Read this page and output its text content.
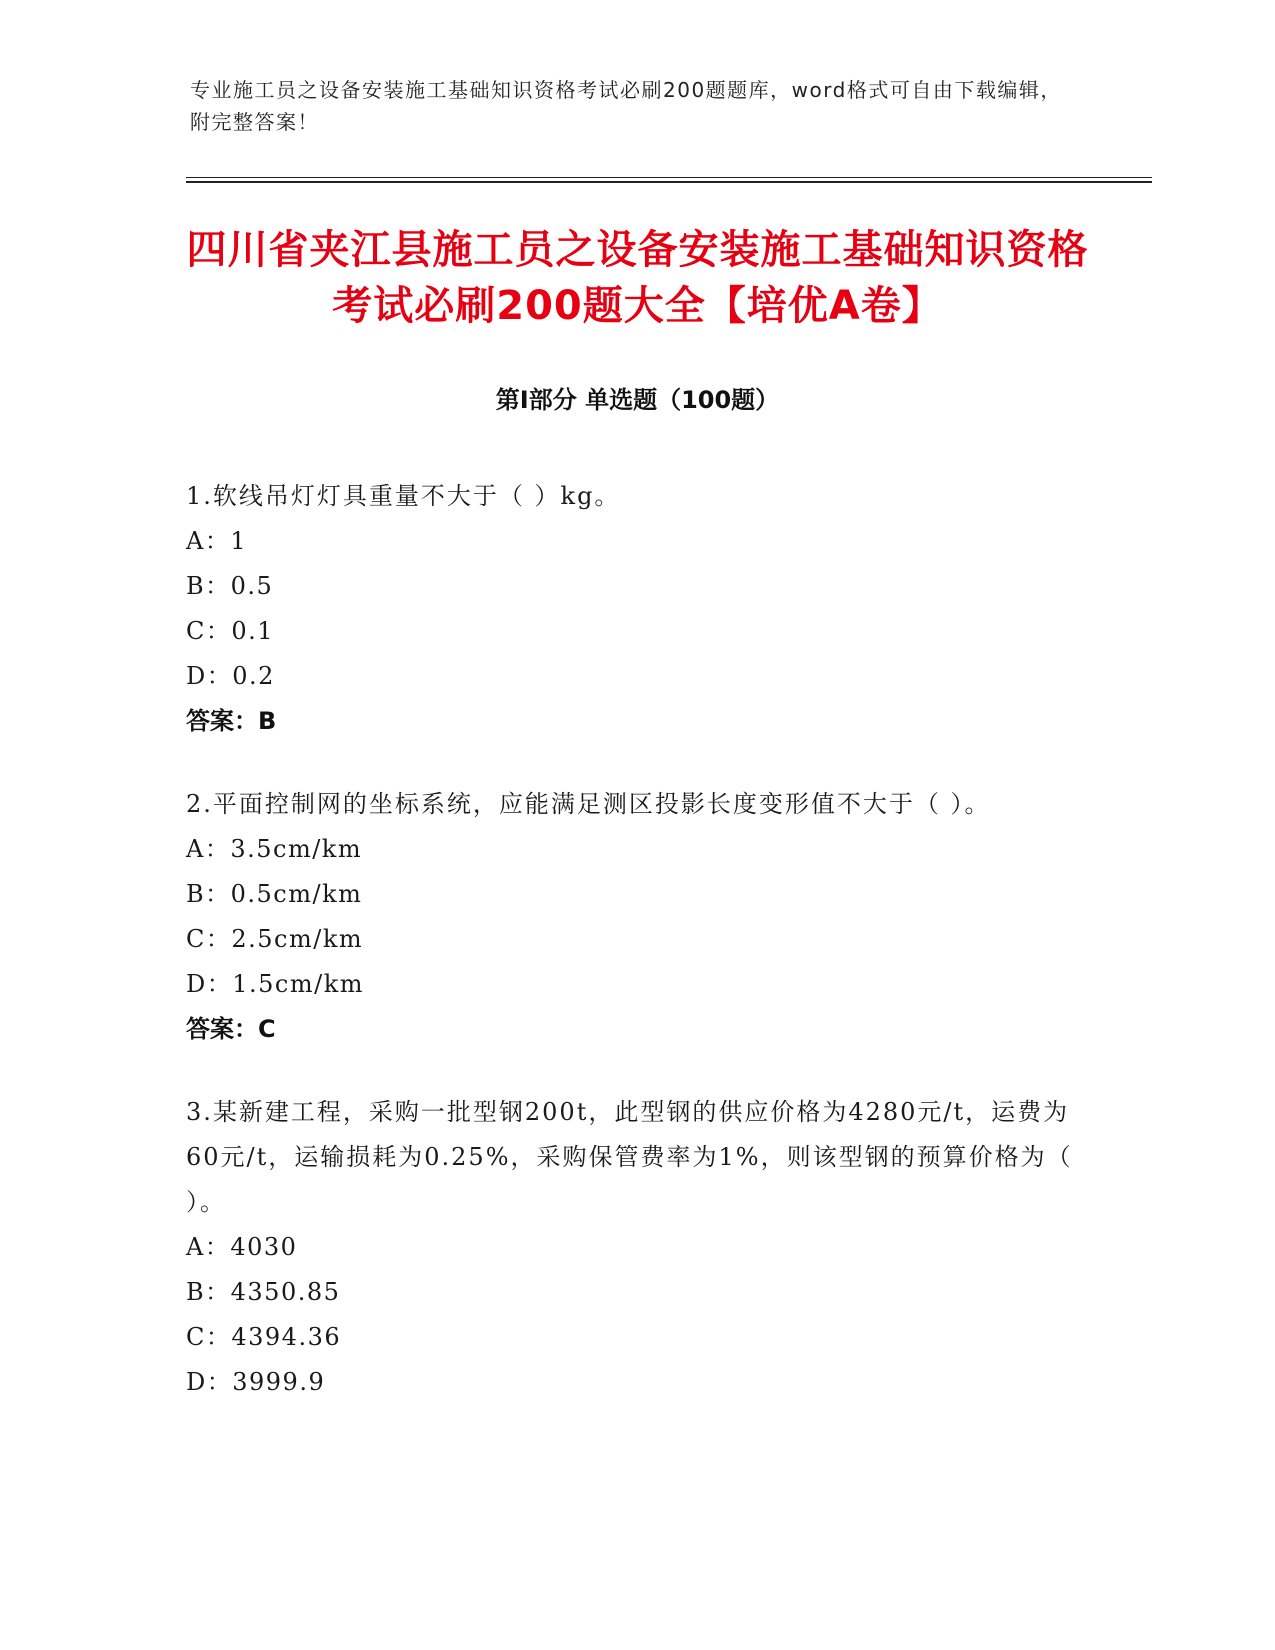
专业施工员之设备安装施工基础知识资格考试必刷200题题库，word格式可自由下载编辑，附完整答案！
四川省夹江县施工员之设备安装施工基础知识资格考试必刷200题大全【培优A卷】
第Ⅰ部分 单选题（100题）

1.软线吊灯灯具重量不大于（ ）kg。

A： 1

B： 0.5

C： 0.1

D： 0.2

答案： B

2.平面控制网的坐标系统，应能满足测区投影长度变形值不大于（ ）。

A： 3.5cm/km

B： 0.5cm/km

C： 2.5cm/km

D： 1.5cm/km

答案： C

3.某新建工程，采购一批型钢200t，此型钢的供应价格为4280元/t，运费为60元/t，运输损耗为0.25%，采购保管费率为1%，则该型钢的预算价格为（ ）。

A： 4030

B： 4350.85

C： 4394.36

D： 3999.9
